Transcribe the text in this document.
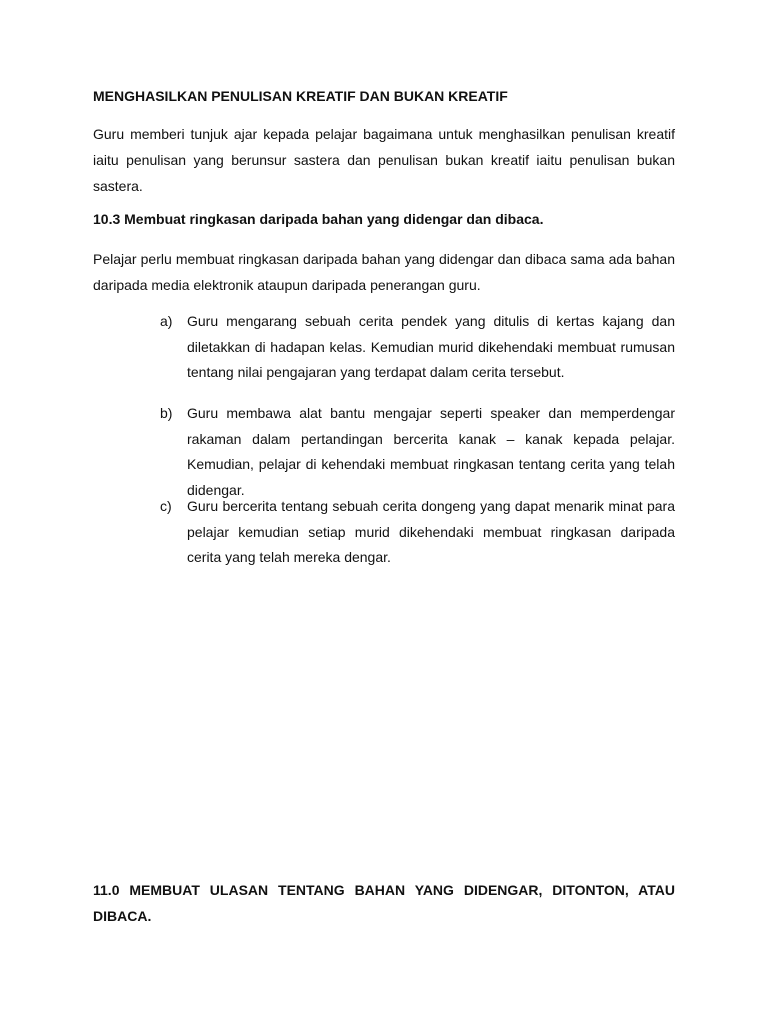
MENGHASILKAN PENULISAN KREATIF DAN BUKAN KREATIF

Guru memberi tunjuk ajar kepada pelajar bagaimana untuk menghasilkan penulisan kreatif iaitu penulisan yang berunsur sastera dan penulisan bukan kreatif iaitu penulisan bukan sastera.

10.3 Membuat ringkasan daripada bahan yang didengar dan dibaca.

Pelajar perlu membuat ringkasan daripada bahan yang didengar dan dibaca sama ada bahan daripada media elektronik ataupun daripada penerangan guru.

a)	Guru mengarang sebuah cerita pendek yang ditulis di kertas kajang dan diletakkan di hadapan kelas. Kemudian murid dikehendaki membuat rumusan tentang nilai pengajaran yang terdapat dalam cerita tersebut.
b)	Guru membawa alat bantu mengajar seperti speaker dan memperdengar rakaman dalam pertandingan bercerita kanak – kanak kepada pelajar. Kemudian, pelajar di kehendaki membuat ringkasan tentang cerita yang telah didengar.
c)	Guru bercerita tentang sebuah cerita dongeng yang dapat menarik minat para pelajar kemudian setiap murid dikehendaki membuat ringkasan daripada cerita yang telah mereka dengar.

11.0 MEMBUAT ULASAN TENTANG BAHAN YANG DIDENGAR, DITONTON, ATAU DIBACA.
